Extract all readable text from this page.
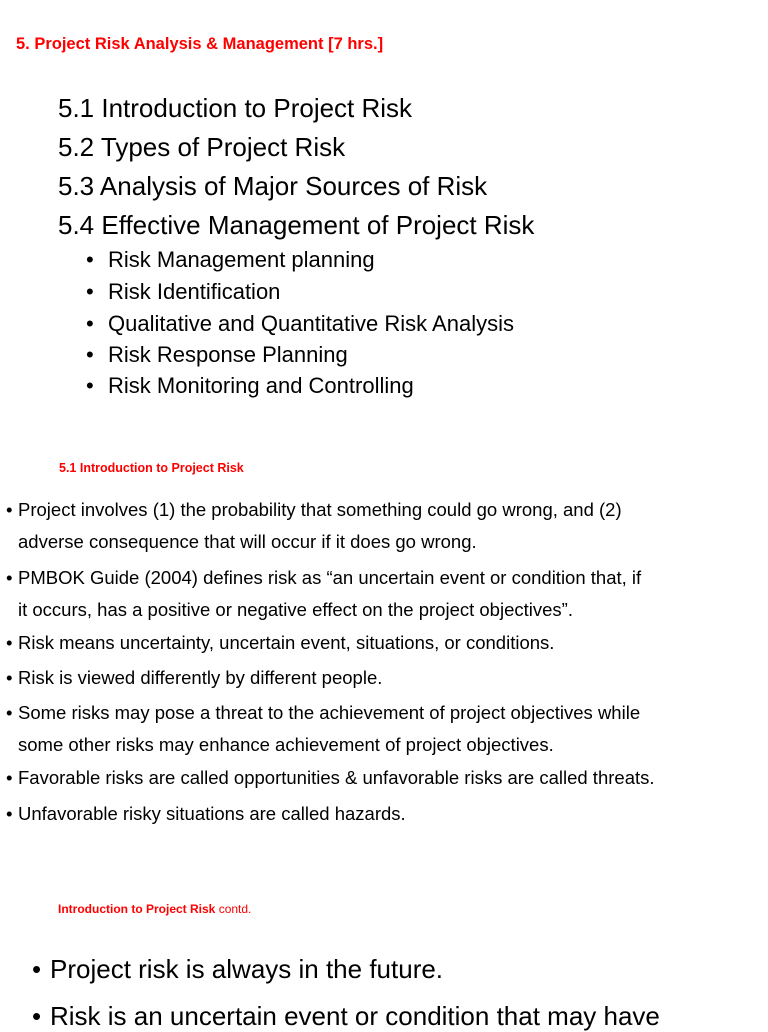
5. Project Risk Analysis & Management [7 hrs.]
5.1 Introduction to Project Risk
5.2 Types of Project Risk
5.3 Analysis of Major Sources of Risk
5.4 Effective Management of Project Risk
• Risk Management planning
• Risk Identification
• Qualitative and Quantitative Risk Analysis
• Risk Response Planning
• Risk Monitoring and Controlling
5.1 Introduction to Project Risk
• Project involves (1) the probability that something could go wrong, and (2)
adverse consequence that will occur if it does go wrong.
• PMBOK Guide (2004) defines risk as “an uncertain event or condition that, if
it occurs, has a positive or negative effect on the project objectives”.
• Risk means uncertainty, uncertain event, situations, or conditions.
• Risk is viewed differently by different people.
• Some risks may pose a threat to the achievement of project objectives while
some other risks may enhance achievement of project objectives.
• Favorable risks are called opportunities & unfavorable risks are called threats.
• Unfavorable risky situations are called hazards.
Introduction to Project Risk contd.
• Project risk is always in the future.
• Risk is an uncertain event or condition that may have
